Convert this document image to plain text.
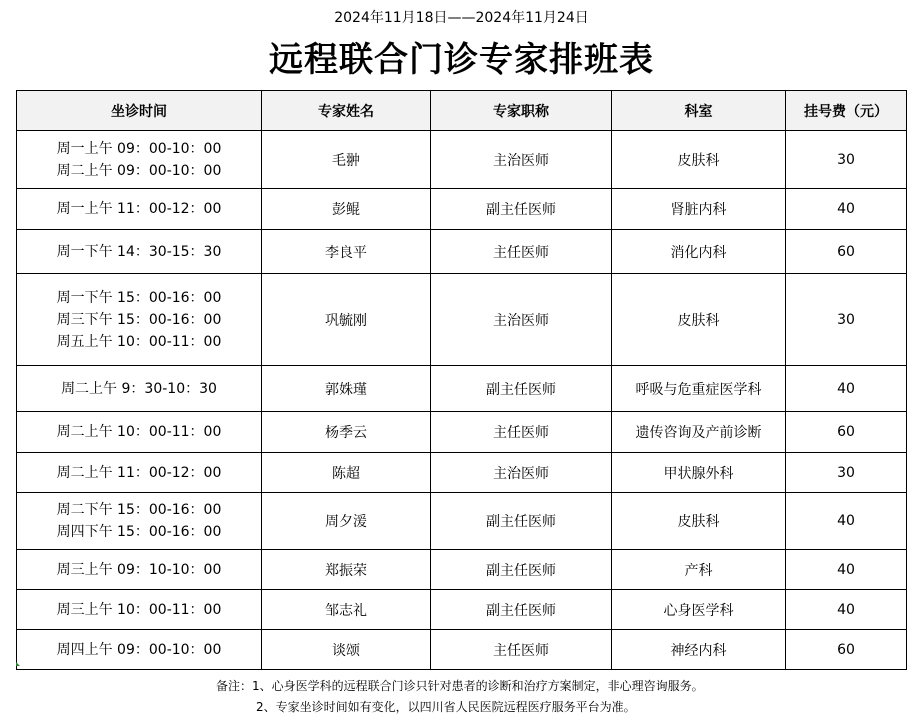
2024年11月18日——2024年11月24日
远程联合门诊专家排班表
坐诊时间	专家姓名	专家职称	科室	挂号费（元）

周一上午 09：00-10：00
周二上午 09：00-10：00	毛翀	主治医师	皮肤科	30

周一上午 11：00-12：00	彭鲲	副主任医师	肾脏内科	40

周一下午 14：30-15：30	李良平	主任医师	消化内科	60

周一下午 15：00-16：00
周三下午 15：00-16：00
周五上午 10：00-11：00	巩毓刚	主治医师	皮肤科	30

周二上午 9：30-10：30	郭姝瑾	副主任医师	呼吸与危重症医学科	40

周二上午 10：00-11：00	杨季云	主任医师	遗传咨询及产前诊断	60

周二上午 11：00-12：00	陈超	主治医师	甲状腺外科	30

周二下午 15：00-16：00
周四下午 15：00-16：00	周夕湲	副主任医师	皮肤科	40

周三上午 09：10-10：00	郑振荣	副主任医师	产科	40

周三上午 10：00-11：00	邹志礼	副主任医师	心身医学科	40

周四上午 09：00-10：00	谈颂	主任医师	神经内科	60
备注：1、心身医学科的远程联合门诊只针对患者的诊断和治疗方案制定，非心理咨询服务。
2、专家坐诊时间如有变化，以四川省人民医院远程医疗服务平台为准。
